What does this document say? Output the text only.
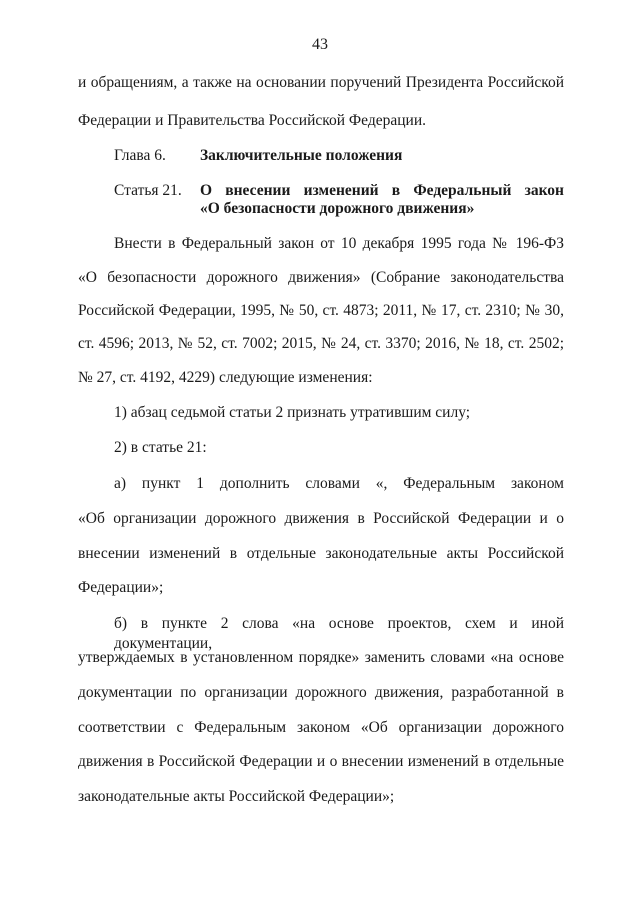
43
и обращениям, а также на основании поручений Президента Российской
Федерации и Правительства Российской Федерации.
Глава 6. Заключительные положения
Статья 21. О внесении изменений в Федеральный закон
«О безопасности дорожного движения»
Внести в Федеральный закон от 10 декабря 1995 года № 196-ФЗ
«О безопасности дорожного движения» (Собрание законодательства
Российской Федерации, 1995, № 50, ст. 4873; 2011, № 17, ст. 2310; № 30,
ст. 4596; 2013, № 52, ст. 7002; 2015, № 24, ст. 3370; 2016, № 18, ст. 2502;
№ 27, ст. 4192, 4229) следующие изменения:
1) абзац седьмой статьи 2 признать утратившим силу;
2) в статье 21:
а) пункт 1 дополнить словами «, Федеральным законом
«Об организации дорожного движения в Российской Федерации и о
внесении изменений в отдельные законодательные акты Российской
Федерации»;
б) в пункте 2 слова «на основе проектов, схем и иной документации,
утверждаемых в установленном порядке» заменить словами «на основе
документации по организации дорожного движения, разработанной в
соответствии с Федеральным законом «Об организации дорожного
движения в Российской Федерации и о внесении изменений в отдельные
законодательные акты Российской Федерации»;
